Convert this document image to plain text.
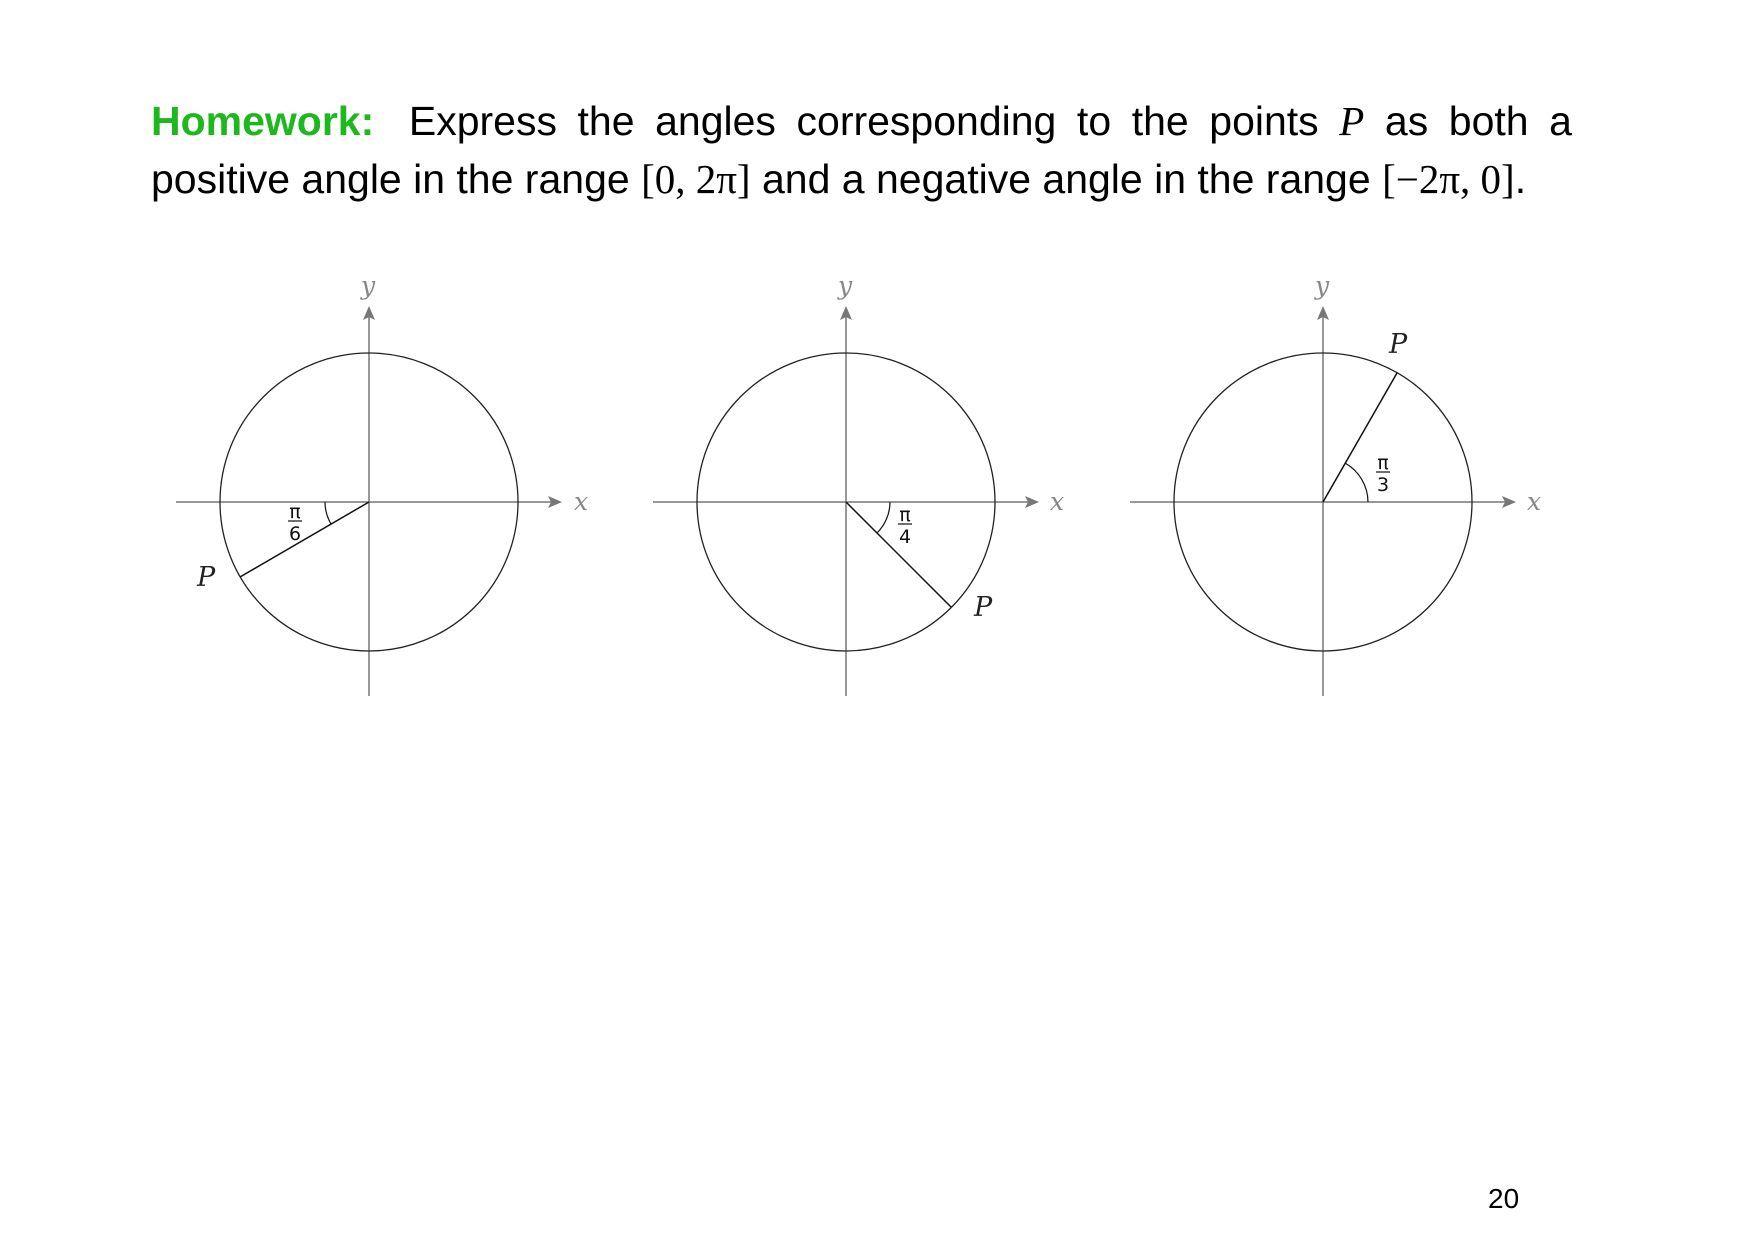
Homework: Express the angles corresponding to the points P as both a positive angle in the range [0, 2π] and a negative angle in the range [−2π, 0].

x
y
π
6
P
x
y
π
4
P
x
y
π
3
P
20
